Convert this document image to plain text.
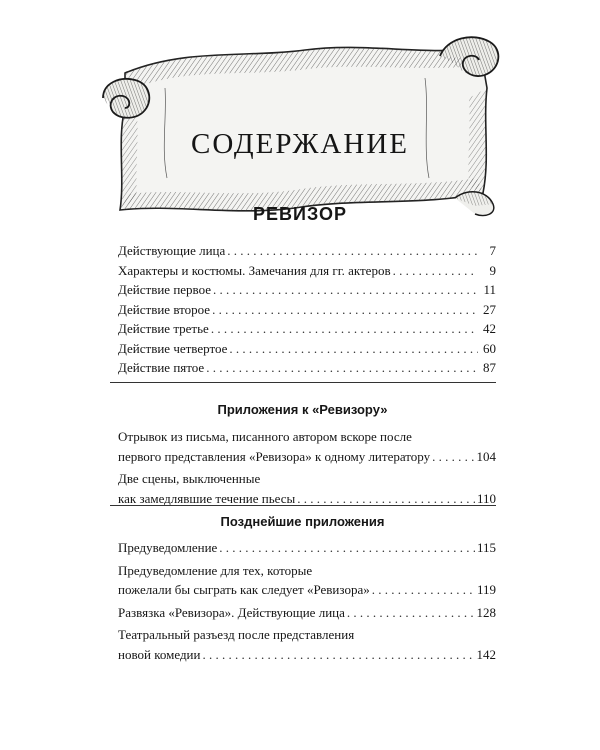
СОДЕРЖАНИЕ
РЕВИЗОР
Действующие лица . . .	7
Характеры и костюмы. Замечания для гг. актеров . . .	9
Действие первое . . .	11
Действие второе . . .	27
Действие третье . . .	42
Действие четвертое . . .	60
Действие пятое . . .	87
Приложения к «Ревизору»
Отрывок из письма, писанного автором вскоре после
первого представления «Ревизора» к одному литератору . . .	104
Две сцены, выключенные
как замедлявшие течение пьесы . . .	110
Позднейшие приложения
Предуведомление . . .	115
Предуведомление для тех, которые
пожелали бы сыграть как следует «Ревизора» . . .	119
Развязка «Ревизора». Действующие лица . . .	128
Театральный разъезд после представления
новой комедии . . .	142
